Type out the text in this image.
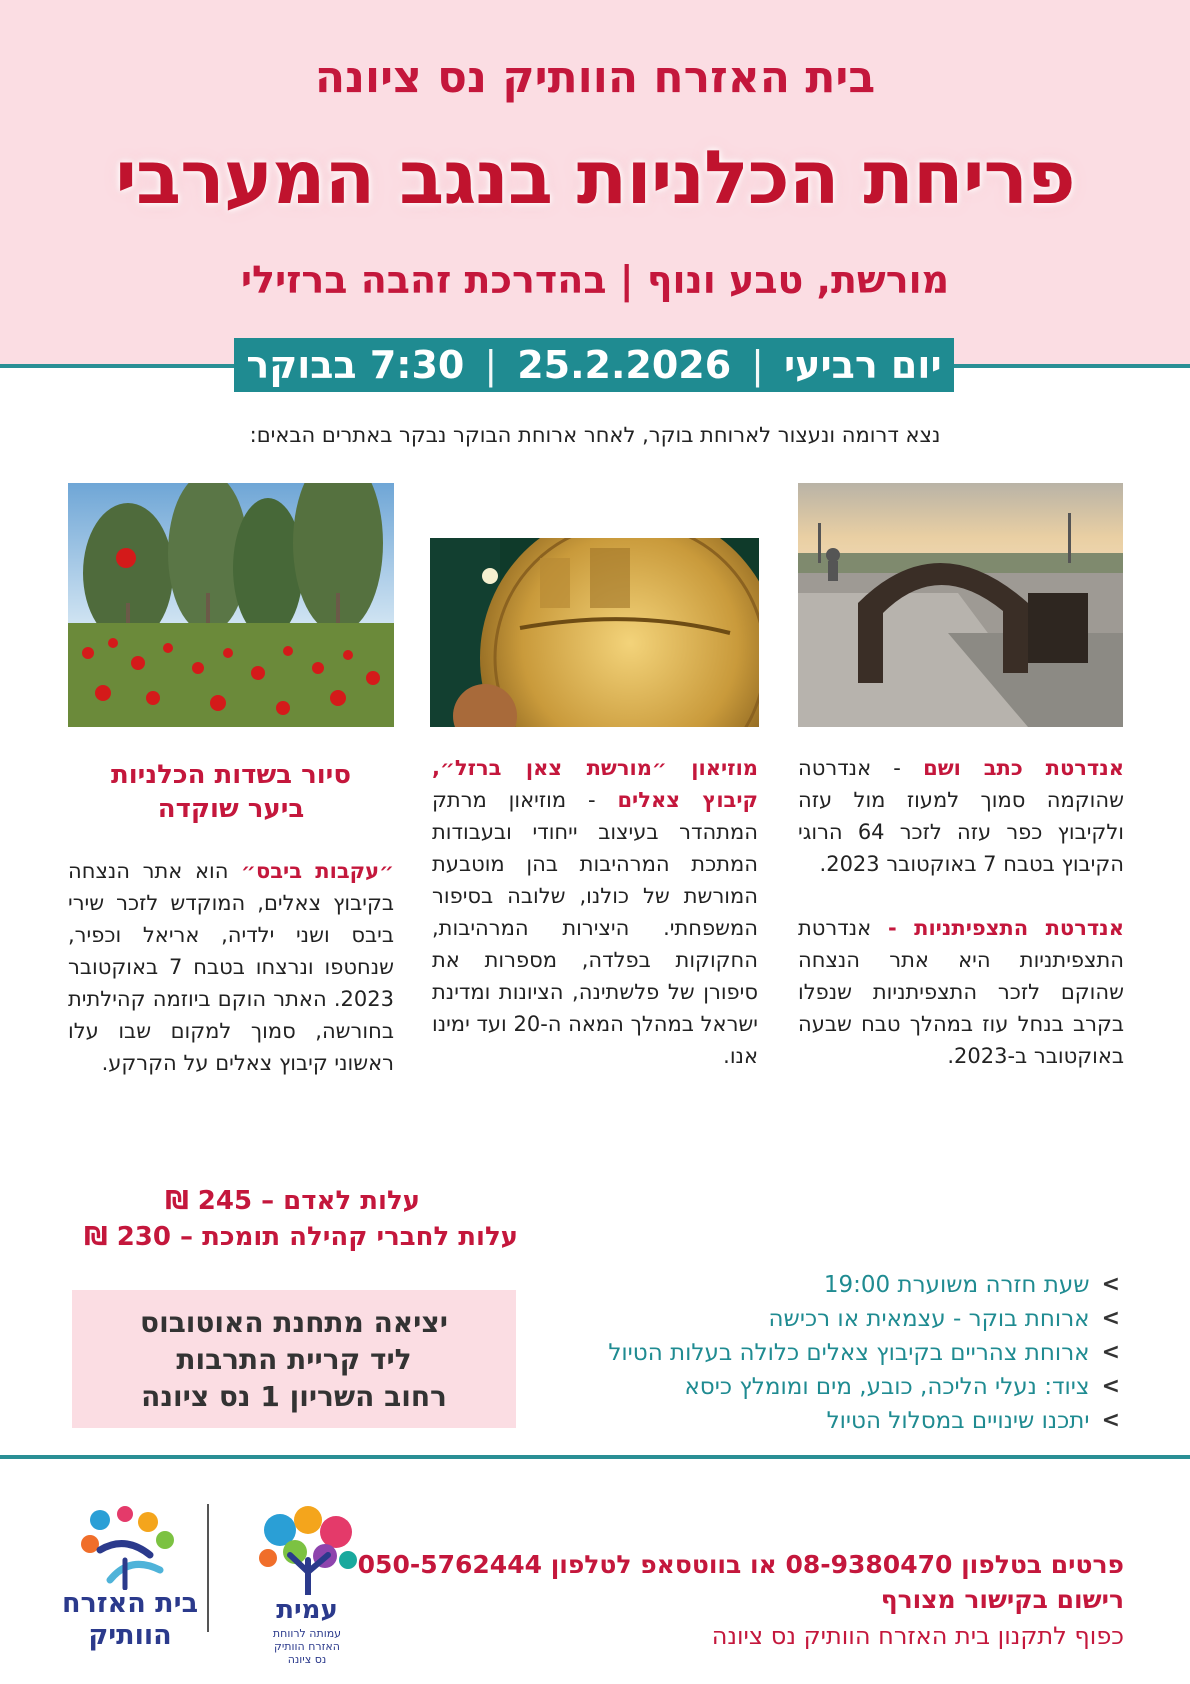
בית האזרח הוותיק נס ציונה
פריחת הכלניות בנגב המערבי
מורשת, טבע ונוף | בהדרכת זהבה ברזילי
יום רביעי
|
25.2.2026
|
7:30 בבוקר
נצא דרומה ונעצור לארוחת בוקר, לאחר ארוחת הבוקר נבקר באתרים הבאים:

אנדרטת כתב ושם - אנדרטה שהוקמה סמוך למעוז מול עזה ולקיבוץ כפר עזה לזכר 64 הרוגי הקיבוץ בטבח 7 באוקטובר 2023.

אנדרטת התצפיתניות - אנדרטת התצפיתניות היא אתר הנצחה שהוקם לזכר התצפיתניות שנפלו בקרב בנחל עוז במהלך טבח שבעה באוקטובר ב-2023.

מוזיאון ״מורשת צאן ברזל״, קיבוץ צאלים - מוזיאון מרתק המתהדר בעיצוב ייחודי ובעבודות המתכת המרהיבות בהן מוטבעת המורשת של כולנו, שלובה בסיפור המשפחתי. היצירות המרהיבות, החקוקות בפלדה, מספרות את סיפורן של פלשתינה, הציונות ומדינת ישראל במהלך המאה ה-20 ועד ימינו אנו.

סיור בשדות הכלניות
ביער שוקדה

״עקבות ביבס״ הוא אתר הנצחה בקיבוץ צאלים, המוקדש לזכר שירי ביבס ושני ילדיה, אריאל וכפיר, שנחטפו ונרצחו בטבח 7 באוקטובר 2023. האתר הוקם ביוזמה קהילתית בחורשה, סמוך למקום שבו עלו ראשוני קיבוץ צאלים על הקרקע.

עלות לאדם – 245 ₪
עלות לחברי קהילה תומכת – 230 ₪
יציאה מתחנת האוטובוס
ליד קריית התרבות
רחוב השריון 1 נס ציונה
>
שעת חזרה משוערת 19:00
>
ארוחת בוקר - עצמאית או רכישה
>
ארוחת צהריים בקיבוץ צאלים כלולה בעלות הטיול
>
ציוד: נעלי הליכה, כובע, מים ומומלץ כיסא
>
יתכנו שינויים במסלול הטיול
פרטים בטלפון 08-9380470 או בווטסאפ לטלפון 050-5762444
רישום בקישור מצורף
כפוף לתקנון בית האזרח הוותיק נס ציונה
עמית
עמותה לרווחת
האזרח הוותיק
נס ציונה
בית האזרח
הוותיק
